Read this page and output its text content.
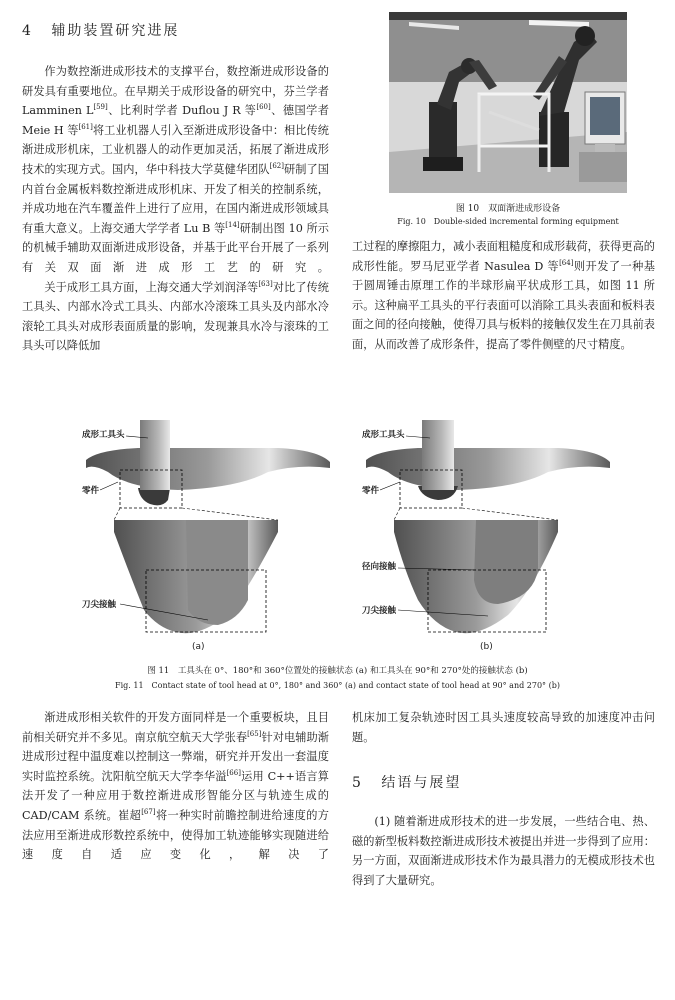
4 辅助装置研究进展

作为数控渐进成形技术的支撑平台，数控渐进成形设备的研发具有重要地位。在早期关于成形设备的研究中，芬兰学者 Lamminen L[59]、比利时学者 Duflou J R 等[60]、德国学者 Meie H 等[61]将工业机器人引入至渐进成形设备中：相比传统渐进成形机床，工业机器人的动作更加灵活，拓展了渐进成形技术的实现方式。国内，华中科技大学莫健华团队[62]研制了国内首台金属板料数控渐进成形机床、开发了相关的控制系统，并成功地在汽车覆盖件上进行了应用，在国内渐进成形领域具有重大意义。上海交通大学学者 Lu B 等[14]研制出图 10 所示的机械手辅助双面渐进成形设备，并基于此平台开展了一系列有关双面渐进成形工艺的研究。

关于成形工具方面，上海交通大学刘润泽等[63]对比了传统工具头、内部水冷式工具头、内部水冷滚珠工具头及内部水冷滚轮工具头对成形表面质量的影响，发现兼具水冷与滚珠的工具头可以降低加

图 10　双面渐进成形设备
Fig. 10　Double-sided incremental forming equipment

工过程的摩擦阻力，减小表面粗糙度和成形载荷，获得更高的成形性能。罗马尼亚学者 Nasulea D 等[64]则开发了一种基于圆周锤击原理工作的半球形扁平状成形工具，如图 11 所示。这种扁平工具头的平行表面可以消除工具头表面和板料表面之间的径向接触，使得刀具与板料的接触仅发生在刀具前表面，从而改善了成形条件，提高了零件侧壁的尺寸精度。

成形工具头
零件
刀尖接触
(a)
成形工具头
零件
径向接触
刀尖接触
(b)
图 11　工具头在 0°、180°和 360°位置处的接触状态 (a) 和工具头在 90°和 270°处的接触状态 (b)
Fig. 11　Contact state of tool head at 0°, 180° and 360° (a) and contact state of tool head at 90° and 270° (b)

渐进成形相关软件的开发方面同样是一个重要板块，且目前相关研究并不多见。南京航空航天大学张春[65]针对电辅助渐进成形过程中温度难以控制这一弊端，研究并开发出一套温度实时监控系统。沈阳航空航天大学李华溢[66]运用 C++语言算法开发了一种应用于数控渐进成形智能分区与轨迹生成的 CAD/CAM 系统。崔超[67]将一种实时前瞻控制进给速度的方法应用至渐进成形数控系统中，使得加工轨迹能够实现随进给速度自适应变化，解决了

机床加工复杂轨迹时因工具头速度较高导致的加速度冲击问题。

5 结语与展望

(1) 随着渐进成形技术的进一步发展，一些结合电、热、磁的新型板料数控渐进成形技术被提出并进一步得到了应用：另一方面，双面渐进成形技术作为最具潜力的无模成形技术也得到了大量研究。
